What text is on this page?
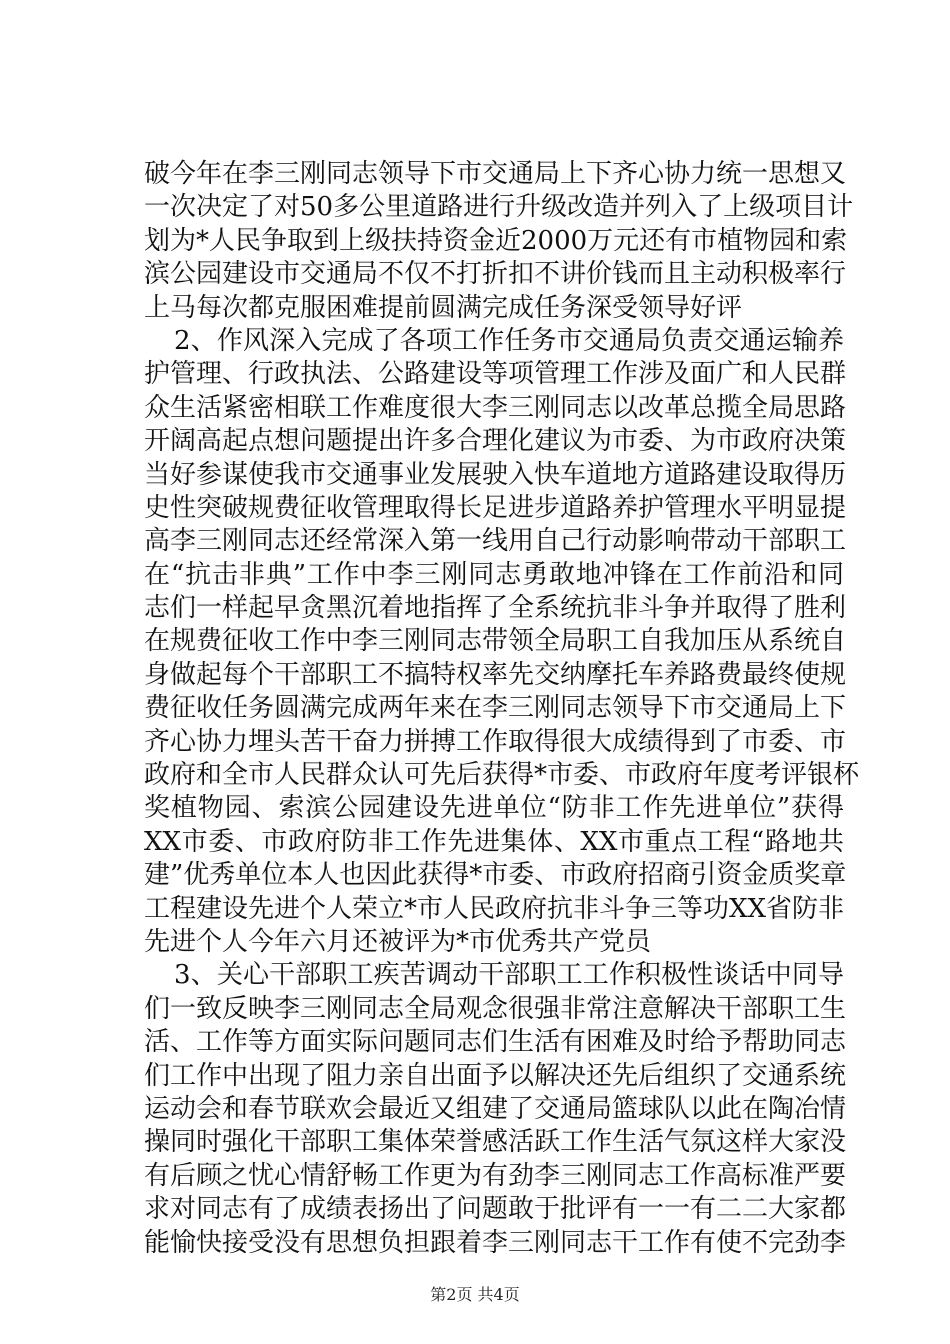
破今年在李三刚同志领导下市交通局上下齐心协力统一思想又
一次决定了对50多公里道路进行升级改造并列入了上级项目计
划为*人民争取到上级扶持资金近2000万元还有市植物园和索
滨公园建设市交通局不仅不打折扣不讲价钱而且主动积极率行
上马每次都克服困难提前圆满完成任务深受领导好评
2、作风深入完成了各项工作任务市交通局负责交通运输养
护管理、行政执法、公路建设等项管理工作涉及面广和人民群
众生活紧密相联工作难度很大李三刚同志以改革总揽全局思路
开阔高起点想问题提出许多合理化建议为市委、为市政府决策
当好参谋使我市交通事业发展驶入快车道地方道路建设取得历
史性突破规费征收管理取得长足进步道路养护管理水平明显提
高李三刚同志还经常深入第一线用自己行动影响带动干部职工
在“抗击非典”工作中李三刚同志勇敢地冲锋在工作前沿和同
志们一样起早贪黑沉着地指挥了全系统抗非斗争并取得了胜利
在规费征收工作中李三刚同志带领全局职工自我加压从系统自
身做起每个干部职工不搞特权率先交纳摩托车养路费最终使规
费征收任务圆满完成两年来在李三刚同志领导下市交通局上下
齐心协力埋头苦干奋力拼搏工作取得很大成绩得到了市委、市
政府和全市人民群众认可先后获得*市委、市政府年度考评银杯
奖植物园、索滨公园建设先进单位“防非工作先进单位”获得
XX市委、市政府防非工作先进集体、XX市重点工程“路地共
建”优秀单位本人也因此获得*市委、市政府招商引资金质奖章
工程建设先进个人荣立*市人民政府抗非斗争三等功XX省防非
先进个人今年六月还被评为*市优秀共产党员
3、关心干部职工疾苦调动干部职工工作积极性谈话中同导
们一致反映李三刚同志全局观念很强非常注意解决干部职工生
活、工作等方面实际问题同志们生活有困难及时给予帮助同志
们工作中出现了阻力亲自出面予以解决还先后组织了交通系统
运动会和春节联欢会最近又组建了交通局篮球队以此在陶冶情
操同时强化干部职工集体荣誉感活跃工作生活气氛这样大家没
有后顾之忧心情舒畅工作更为有劲李三刚同志工作高标准严要
求对同志有了成绩表扬出了问题敢于批评有一一有二二大家都
能愉快接受没有思想负担跟着李三刚同志干工作有使不完劲李
第2页 共4页
